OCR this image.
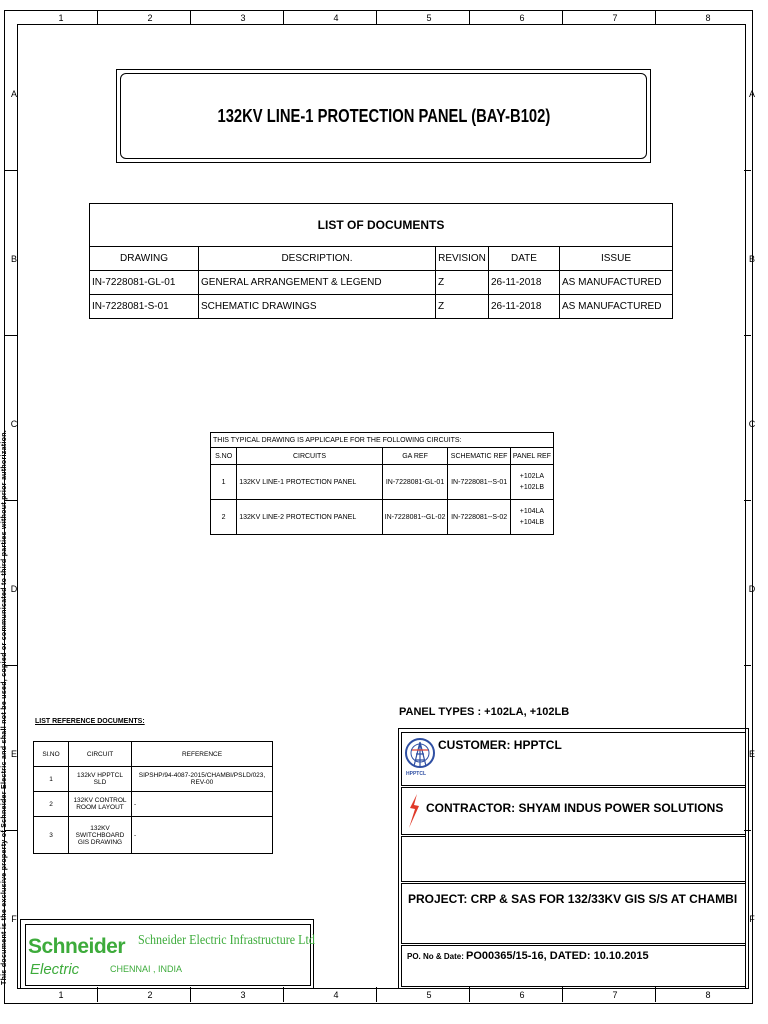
1	2	3	4	5	6	7	8
1	2	3	4	5	6	7	8
A
B
C
D
E
F
A
B
C
D
E
F
This document is the exclusive property of Schneider Electric and shall not be used, copied or communicated to third parties without prior authorization.
132KV LINE-1 PROTECTION PANEL (BAY-B102)
LIST OF DOCUMENTS				
DRAWING	DESCRIPTION.	REVISION	DATE	ISSUE
IN-7228081-GL-01	GENERAL ARRANGEMENT & LEGEND	Z	26-11-2018	AS MANUFACTURED
IN-7228081-S-01	SCHEMATIC DRAWINGS	Z	26-11-2018	AS MANUFACTURED
THIS TYPICAL DRAWING IS APPLICAPLE FOR THE FOLLOWING CIRCUITS:				
S.NO	CIRCUITS	GA REF	SCHEMATIC REF	PANEL REF
1	132KV LINE-1 PROTECTION PANEL	IN-7228081-GL-01	IN-7228081--S-01	+102LA
+102LB
2	132KV LINE-2 PROTECTION PANEL	IN-7228081--GL-02	IN-7228081--S-02	+104LA
+104LB
LIST REFERENCE DOCUMENTS:
Sl.NO	CIRCUIT	REFERENCE
1	132kV HPPTCL SLD	SIPSHP/94-4087-2015/CHAMBI/PSLD/023, REV-00
2	132KV CONTROL ROOM LAYOUT	-
3	132KV SWITCHBOARD GIS DRAWING	-
PANEL TYPES : +102LA, +102LB
HPPTCL
CUSTOMER: HPPTCL
CONTRACTOR: SHYAM INDUS POWER SOLUTIONS
PROJECT: CRP & SAS FOR 132/33KV GIS S/S AT CHAMBI
PO. No & Date: PO00365/15-16, DATED: 10.10.2015
Schneider
Electric
Schneider Electric Infrastructure Ltd
CHENNAI , INDIA
